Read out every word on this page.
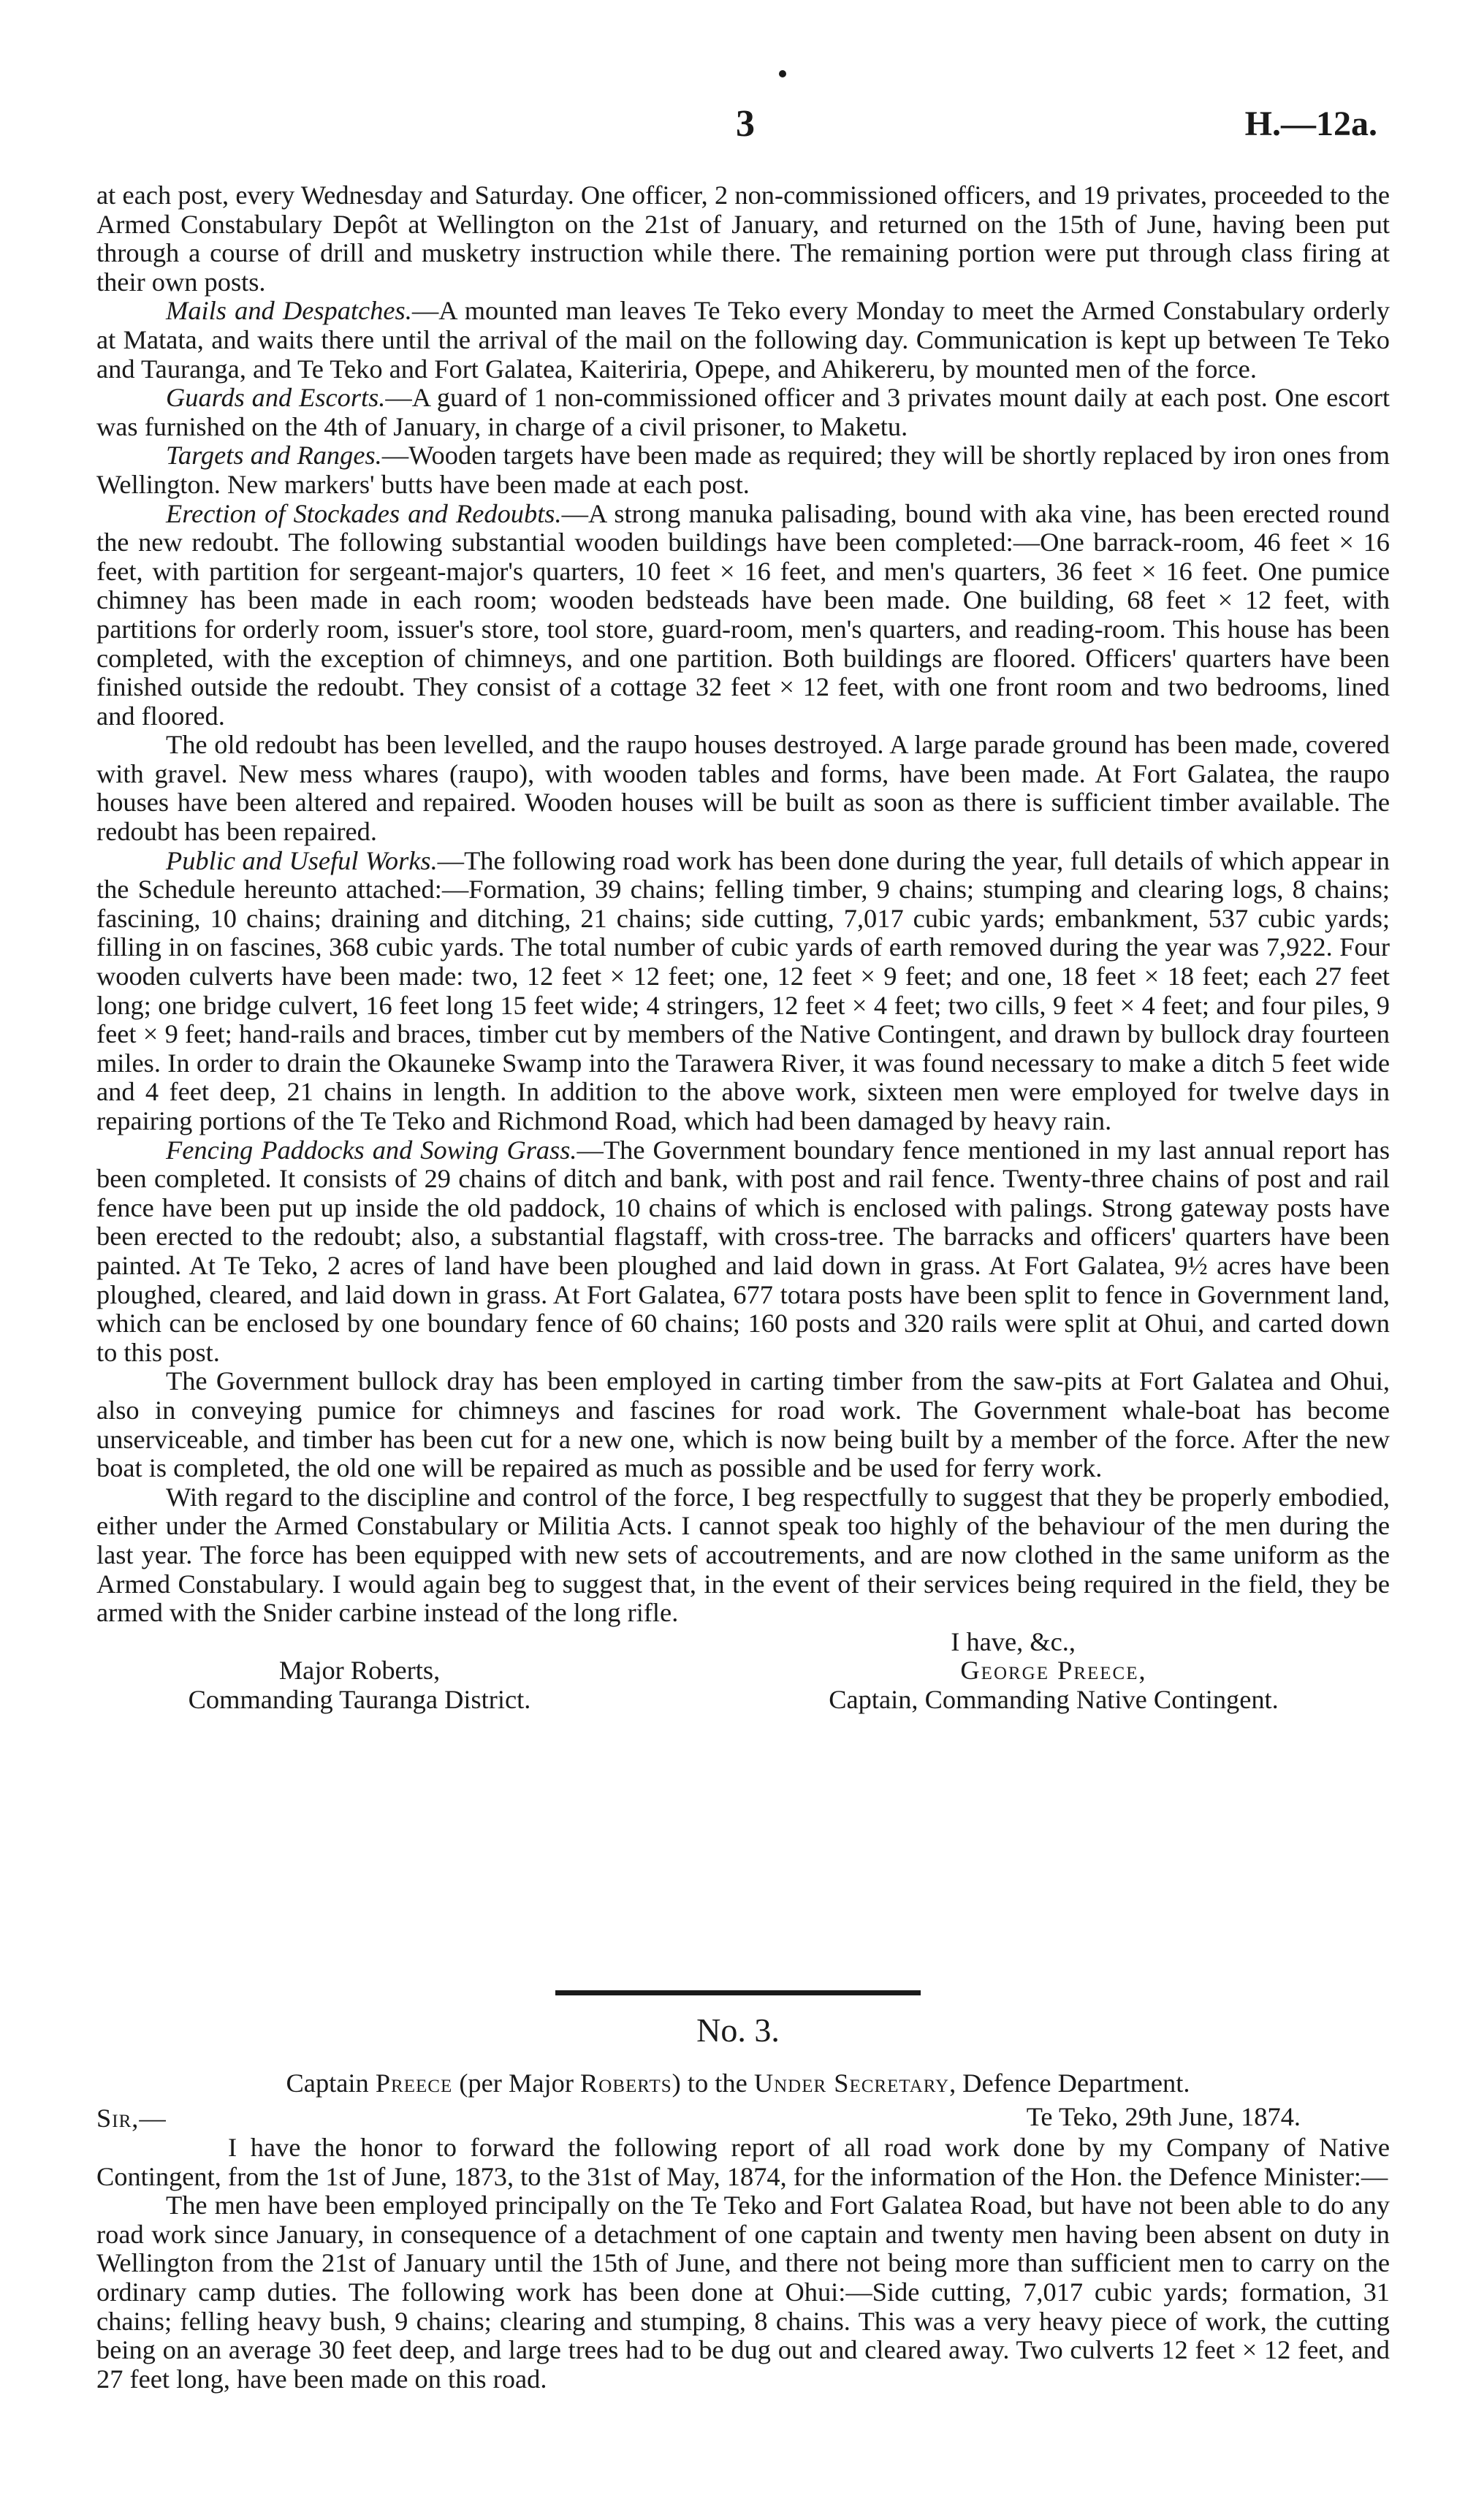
3	H.—12a.

at each post, every Wednesday and Saturday. One officer, 2 non-commissioned officers, and 19 privates, proceeded to the Armed Constabulary Depôt at Wellington on the 21st of January, and returned on the 15th of June, having been put through a course of drill and musketry instruction while there. The remaining portion were put through class firing at their own posts.

Mails and Despatches.—A mounted man leaves Te Teko every Monday to meet the Armed Constabulary orderly at Matata, and waits there until the arrival of the mail on the following day. Communication is kept up between Te Teko and Tauranga, and Te Teko and Fort Galatea, Kaiteriria, Opepe, and Ahikereru, by mounted men of the force.

Guards and Escorts.—A guard of 1 non-commissioned officer and 3 privates mount daily at each post. One escort was furnished on the 4th of January, in charge of a civil prisoner, to Maketu.

Targets and Ranges.—Wooden targets have been made as required; they will be shortly replaced by iron ones from Wellington. New markers' butts have been made at each post.

Erection of Stockades and Redoubts.—A strong manuka palisading, bound with aka vine, has been erected round the new redoubt. The following substantial wooden buildings have been completed:—One barrack-room, 46 feet × 16 feet, with partition for sergeant-major's quarters, 10 feet × 16 feet, and men's quarters, 36 feet × 16 feet. One pumice chimney has been made in each room; wooden bedsteads have been made. One building, 68 feet × 12 feet, with partitions for orderly room, issuer's store, tool store, guard-room, men's quarters, and reading-room. This house has been completed, with the exception of chimneys, and one partition. Both buildings are floored. Officers' quarters have been finished outside the redoubt. They consist of a cottage 32 feet × 12 feet, with one front room and two bedrooms, lined and floored.

The old redoubt has been levelled, and the raupo houses destroyed. A large parade ground has been made, covered with gravel. New mess whares (raupo), with wooden tables and forms, have been made. At Fort Galatea, the raupo houses have been altered and repaired. Wooden houses will be built as soon as there is sufficient timber available. The redoubt has been repaired.

Public and Useful Works.—The following road work has been done during the year, full details of which appear in the Schedule hereunto attached:—Formation, 39 chains; felling timber, 9 chains; stumping and clearing logs, 8 chains; fascining, 10 chains; draining and ditching, 21 chains; side cutting, 7,017 cubic yards; embankment, 537 cubic yards; filling in on fascines, 368 cubic yards. The total number of cubic yards of earth removed during the year was 7,922. Four wooden culverts have been made: two, 12 feet × 12 feet; one, 12 feet × 9 feet; and one, 18 feet × 18 feet; each 27 feet long; one bridge culvert, 16 feet long 15 feet wide; 4 stringers, 12 feet × 4 feet; two cills, 9 feet × 4 feet; and four piles, 9 feet × 9 feet; hand-rails and braces, timber cut by members of the Native Contingent, and drawn by bullock dray fourteen miles. In order to drain the Okauneke Swamp into the Tarawera River, it was found necessary to make a ditch 5 feet wide and 4 feet deep, 21 chains in length. In addition to the above work, sixteen men were employed for twelve days in repairing portions of the Te Teko and Richmond Road, which had been damaged by heavy rain.

Fencing Paddocks and Sowing Grass.—The Government boundary fence mentioned in my last annual report has been completed. It consists of 29 chains of ditch and bank, with post and rail fence. Twenty-three chains of post and rail fence have been put up inside the old paddock, 10 chains of which is enclosed with palings. Strong gateway posts have been erected to the redoubt; also, a substantial flagstaff, with cross-tree. The barracks and officers' quarters have been painted. At Te Teko, 2 acres of land have been ploughed and laid down in grass. At Fort Galatea, 9½ acres have been ploughed, cleared, and laid down in grass. At Fort Galatea, 677 totara posts have been split to fence in Government land, which can be enclosed by one boundary fence of 60 chains; 160 posts and 320 rails were split at Ohui, and carted down to this post.

The Government bullock dray has been employed in carting timber from the saw-pits at Fort Galatea and Ohui, also in conveying pumice for chimneys and fascines for road work. The Government whale-boat has become unserviceable, and timber has been cut for a new one, which is now being built by a member of the force. After the new boat is completed, the old one will be repaired as much as possible and be used for ferry work.

With regard to the discipline and control of the force, I beg respectfully to suggest that they be properly embodied, either under the Armed Constabulary or Militia Acts. I cannot speak too highly of the behaviour of the men during the last year. The force has been equipped with new sets of accoutrements, and are now clothed in the same uniform as the Armed Constabulary. I would again beg to suggest that, in the event of their services being required in the field, they be armed with the Snider carbine instead of the long rifle.

I have, &c.,
Major Roberts,
Commanding Tauranga District.
George Preece,
Captain, Commanding Native Contingent.
No. 3.
Captain Preece (per Major Roberts) to the Under Secretary, Defence Department.
Sir,—	Te Teko, 29th June, 1874.

I have the honor to forward the following report of all road work done by my Company of Native Contingent, from the 1st of June, 1873, to the 31st of May, 1874, for the information of the Hon. the Defence Minister:—

The men have been employed principally on the Te Teko and Fort Galatea Road, but have not been able to do any road work since January, in consequence of a detachment of one captain and twenty men having been absent on duty in Wellington from the 21st of January until the 15th of June, and there not being more than sufficient men to carry on the ordinary camp duties. The following work has been done at Ohui:—Side cutting, 7,017 cubic yards; formation, 31 chains; felling heavy bush, 9 chains; clearing and stumping, 8 chains. This was a very heavy piece of work, the cutting being on an average 30 feet deep, and large trees had to be dug out and cleared away. Two culverts 12 feet × 12 feet, and 27 feet long, have been made on this road.
